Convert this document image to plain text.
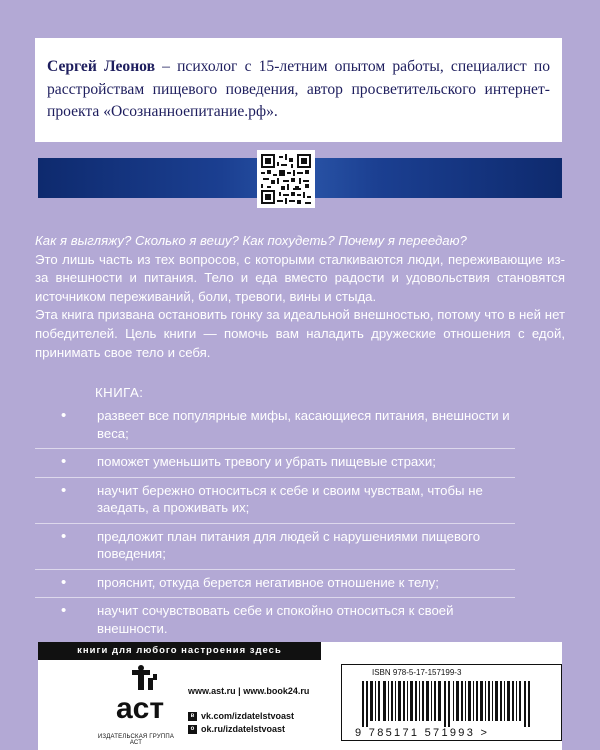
Сергей Леонов – психолог с 15-летним опытом работы, специалист по расстройствам пищевого поведения, автор просветительского интернет-проекта «Осознанноепитание.рф».

Как я выгляжу? Сколько я вешу? Как похудеть? Почему я переедаю?

Это лишь часть из тех вопросов, с которыми сталкиваются люди, переживающие из-за внешности и питания. Тело и еда вместо радости и удовольствия становятся источником переживаний, боли, тревоги, вины и стыда.

Эта книга призвана остановить гонку за идеальной внешностью, потому что в ней нет победителей. Цель книги — помочь вам наладить дружеские отношения с едой, принимать свое тело и себя.

КНИГА:
• развеет все популярные мифы, касающиеся питания, внешности и веса;
• поможет уменьшить тревогу и убрать пищевые страхи;
• научит бережно относиться к себе и своим чувствам, чтобы не заедать, а проживать их;
• предложит план питания для людей с нарушениями пищевого поведения;
• прояснит, откуда берется негативное отношение к телу;
• научит сочувствовать себе и спокойно относиться к своей внешности.
книги для любого настроения здесь
аст
ИЗДАТЕЛЬСКАЯ ГРУППА АСТ
www.ast.ru | www.book24.ru
в vk.com/izdatelstvoast
о ok.ru/izdatelstvoast
ISBN 978-5-17-157199-3
9 785171 571993 >
